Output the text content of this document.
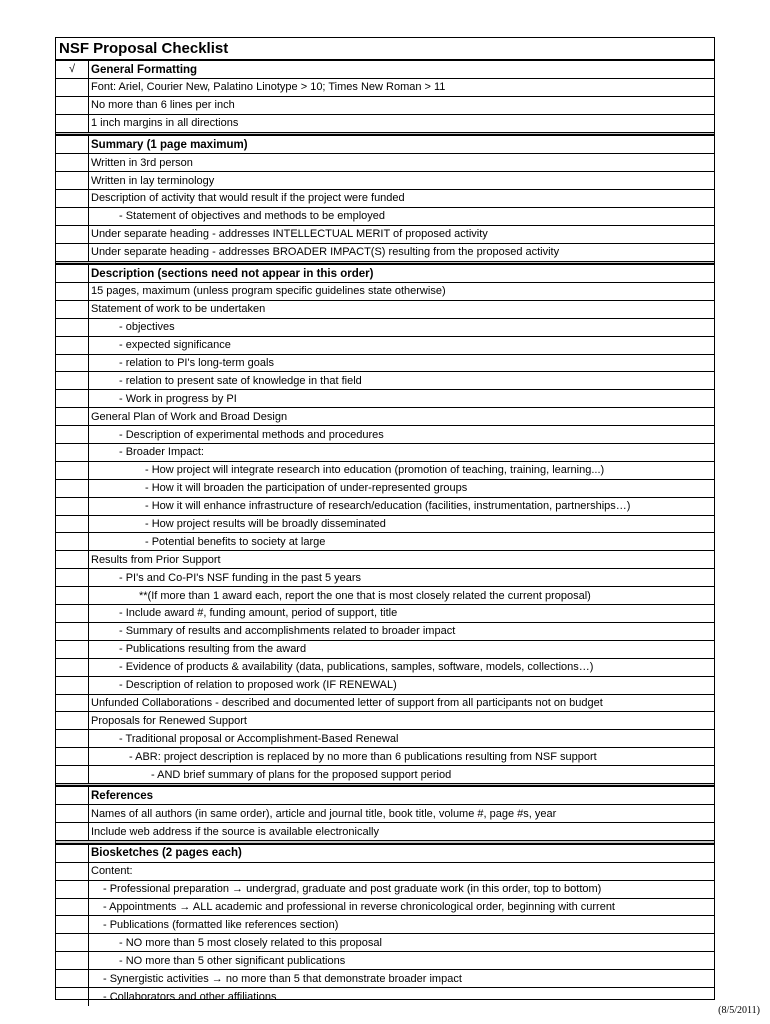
NSF Proposal Checklist
√	General Formatting
Font: Ariel, Courier New, Palatino Linotype > 10; Times New Roman > 11
No more than 6 lines per inch
1 inch margins in all directions
Summary (1 page maximum)
Written in 3rd person
Written in lay terminology
Description of activity that would result if the project were funded
- Statement of objectives and methods to be employed
Under separate heading - addresses INTELLECTUAL MERIT of proposed activity
Under separate heading - addresses BROADER IMPACT(S) resulting from the proposed activity
Description (sections need not appear in this order)
15 pages, maximum (unless program specific guidelines state otherwise)
Statement of work to be undertaken
- objectives
- expected significance
- relation to PI's long-term goals
- relation to present sate of knowledge in that field
- Work in progress by PI
General Plan of Work and Broad Design
- Description of experimental methods and procedures
- Broader Impact:
- How project will integrate research into education (promotion of teaching, training, learning...)
- How it will broaden the participation of under-represented groups
- How it will enhance infrastructure of research/education (facilities, instrumentation, partnerships…)
- How project results will be broadly disseminated
- Potential benefits to society at large
Results from Prior Support
- PI's and Co-PI's NSF funding in the past 5 years
**(If more than 1 award each, report the one that is most closely related the current proposal)
- Include award #, funding amount, period of support, title
- Summary of results and accomplishments related to broader impact
- Publications resulting from the award
- Evidence of products & availability (data, publications, samples, software, models, collections…)
- Description of relation to proposed work (IF RENEWAL)
Unfunded Collaborations - described and documented letter of support from all participants not on budget
Proposals for Renewed Support
- Traditional proposal or Accomplishment-Based Renewal
- ABR: project description is replaced by no more than 6 publications resulting from NSF support
- AND brief summary of plans for the proposed support period
References
Names of all authors (in same order), article and journal title, book title, volume #, page #s, year
Include web address if the source is available electronically
Biosketches (2 pages each)
Content:
- Professional preparation → undergrad, graduate and post graduate work (in this order, top to bottom)
- Appointments → ALL academic and professional in reverse chronicological order, beginning with current
- Publications (formatted like references section)
- NO more than 5 most closely related to this proposal
- NO more than 5 other significant publications
- Synergistic activities → no more than 5 that demonstrate broader impact
- Collaborators and other affiliations
(8/5/2011)
